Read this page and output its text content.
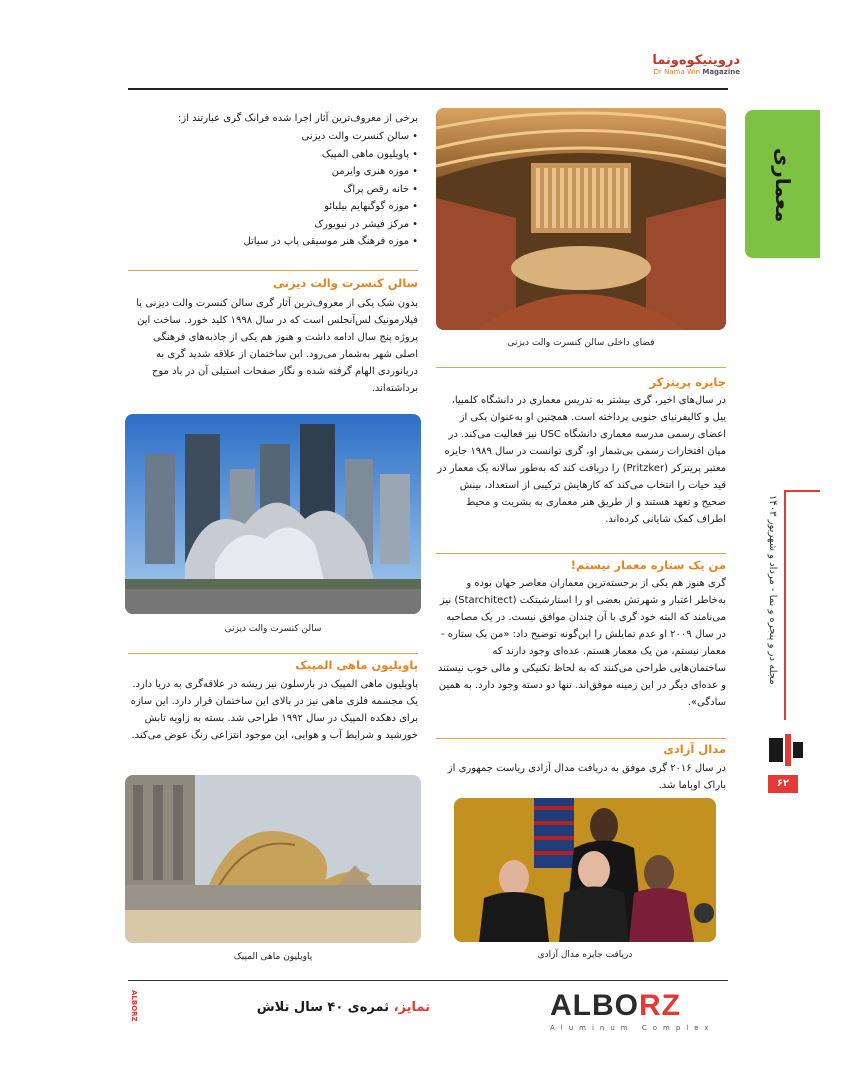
دروینیکوه‌ونما
Dr Nama Win Magazine
معماری
مجله در و پنجره و نما - مرداد و شهریور ۱۴۰۳
۶۲
فضای داخلی سالن کنسرت والت دیزنی
جایزه پریتزکر
در سال‌های اخیر، گری بیشتر به تدریس معماری در دانشگاه کلمبیا، ییل و کالیفرنیای جنوبی پرداخته است. همچنین او به‌عنوان یکی از اعضای رسمی مدرسه معماری دانشگاه USC نیز فعالیت می‌کند. در میان افتخارات رسمی بی‌شمار او، گری توانست در سال ۱۹۸۹ جایزه معتبر پریتزکر (Pritzker) را دریافت کند که به‌طور سالانه یک معمار در قید حیات را انتخاب می‌کند که کارهایش ترکیبی از استعداد، بینش صحیح و تعهد هستند و از طریق هنر معماری به بشریت و محیط اطراف کمک شایانی کرده‌اند.
من یک ستاره معمار نیستم!
گری هنوز هم یکی از برجسته‌ترین معماران معاصر جهان بوده و به‌خاطر اعتبار و شهرتش بعضی او را استارشیتکت (Starchitect) نیز می‌نامند که البته خود گری با آن چندان موافق نیست. در یک مصاحبه در سال ۲۰۰۹ او عدم تمایلش را این‌گونه توضیح داد: «من یک ستاره - معمار نیستم، من یک معمار هستم. عده‌ای وجود دارند که ساختمان‌هایی طراحی می‌کنند که به لحاظ تکنیکی و مالی خوب نیستند و عده‌ای دیگر در این زمینه موفق‌اند. تنها دو دسته وجود دارد. به همین سادگی».
مدال آزادی
در سال ۲۰۱۶ گری موفق به دریافت مدال آزادی ریاست جمهوری از باراک اوباما شد.
دریافت جایزه مدال آزادی
برخی از معروف‌ترین آثار اجرا شده فرانک گری عبارتند از:
• سالن کنسرت والت دیزنی
• پاویلیون ماهی المپیک
• موزه هنری وایزمن
• خانه رقص پراگ
• موزه گوگنهایم بیلبائو
• مرکز فیشر در نیویورک
• موزه فرهنگ هنر موسیقی پاپ در سیاتل
سالن کنسرت والت دیزنی
بدون شک یکی از معروف‌ترین آثار گری سالن کنسرت والت دیزنی یا فیلارمونیک لس‌آنجلس است که در سال ۱۹۹۸ کلید خورد. ساخت این پروژه پنج سال ادامه داشت و هنوز هم یکی از جاذبه‌های فرهنگی اصلی شهر به‌شمار می‌رود. این ساختمان از علاقه شدید گری به دریانوردی الهام گرفته شده و نگار صفحات استیلی آن در باد موج برداشته‌اند.
سالن کنسرت والت دیزنی
پاویلیون ماهی المپیک
پاویلیون ماهی المپیک در بارسلون نیز ریشه در علاقه‌گری به دریا دارد. یک مجسمه فلزی ماهی نیز در بالای این ساختمان قرار دارد. این سازه برای دهکده المپیک در سال ۱۹۹۲ طراحی شد. بسته به زاویه تابش خورشید و شرایط آب و هوایی، این موجود انتزاعی رنگ عوض می‌کند.
پاویلیون ماهی المپیک
ALBORZ
Aluminum Complex
تمایز، ثمره‌ی ۴۰ سال تلاش
ALBORZ
